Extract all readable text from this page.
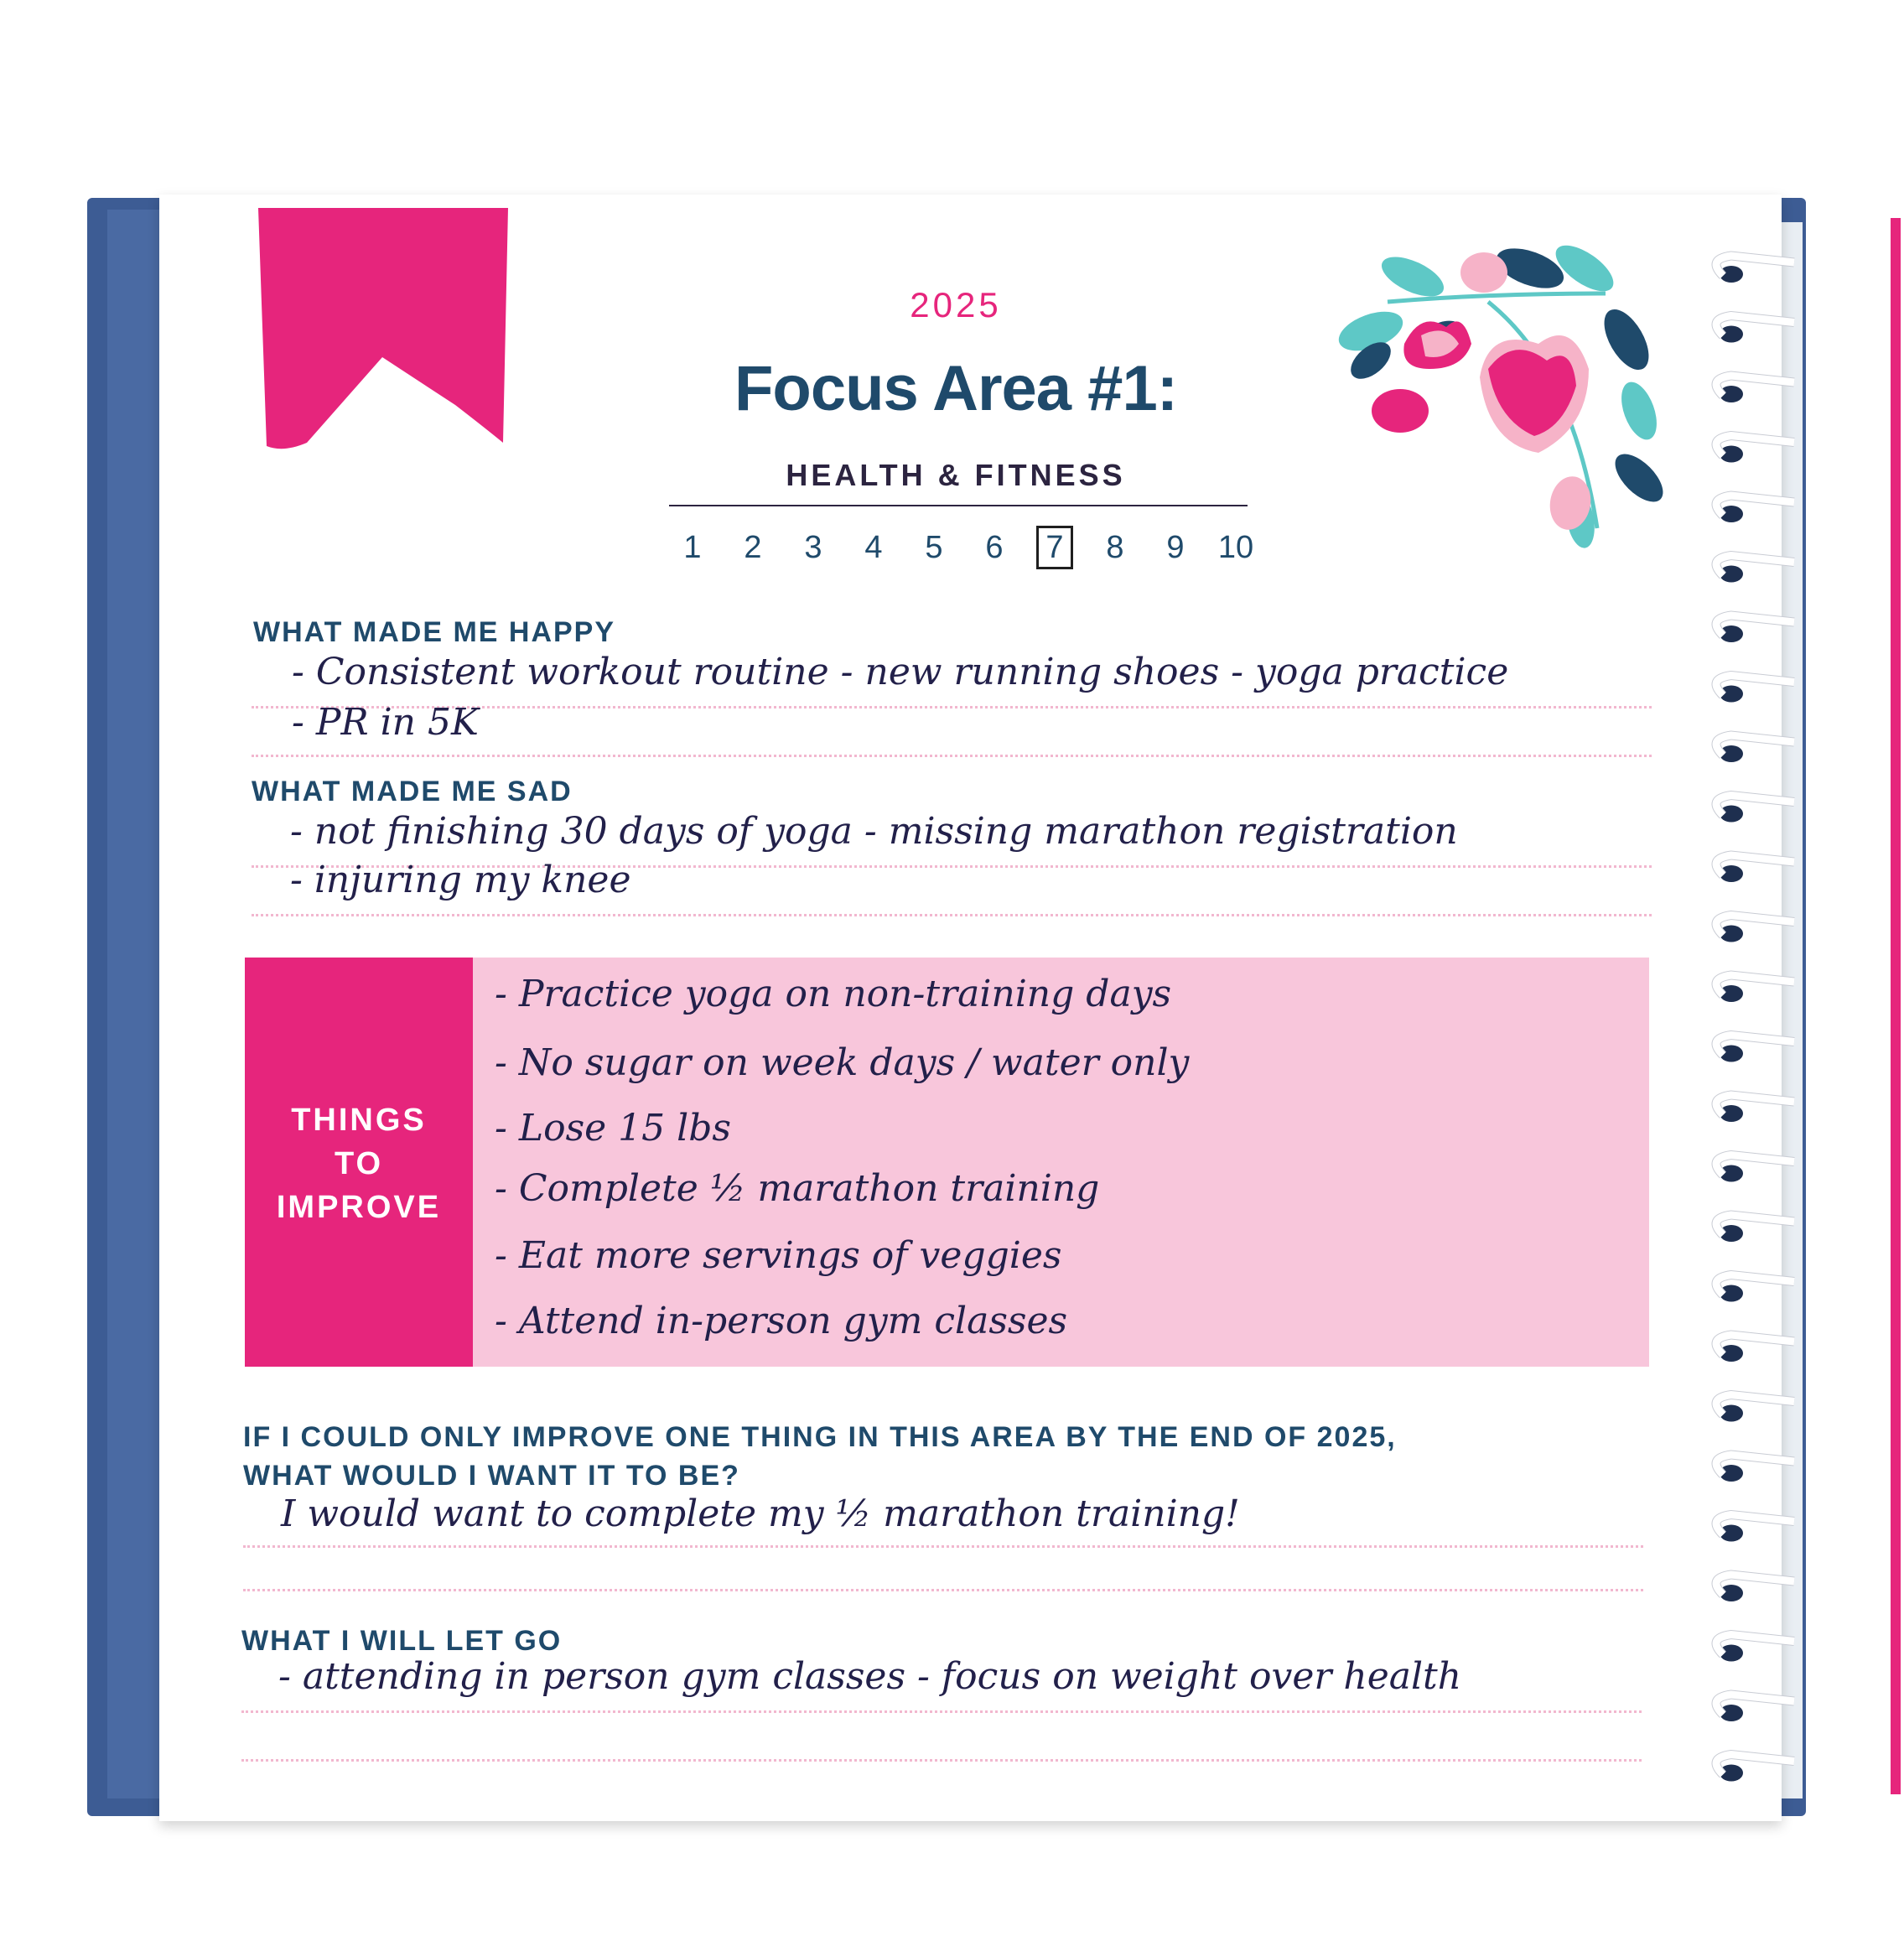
2025
Focus Area #1:
HEALTH & FITNESS
1	2	3	4	5	6	7	8	9	10
WHAT MADE ME HAPPY
- Consistent workout routine - new running shoes - yoga practice
- PR in 5K
WHAT MADE ME SAD
- not finishing 30 days of yoga - missing marathon registration
- injuring my knee
THINGS
TO
IMPROVE
- Practice yoga on non-training days
- No sugar on week days / water only
- Lose 15 lbs
- Complete ½ marathon training
- Eat more servings of veggies
- Attend in-person gym classes
IF I COULD ONLY IMPROVE ONE THING IN THIS AREA BY THE END OF 2025,
WHAT WOULD I WANT IT TO BE?
I would want to complete my ½ marathon training!
WHAT I WILL LET GO
- attending in person gym classes - focus on weight over health
